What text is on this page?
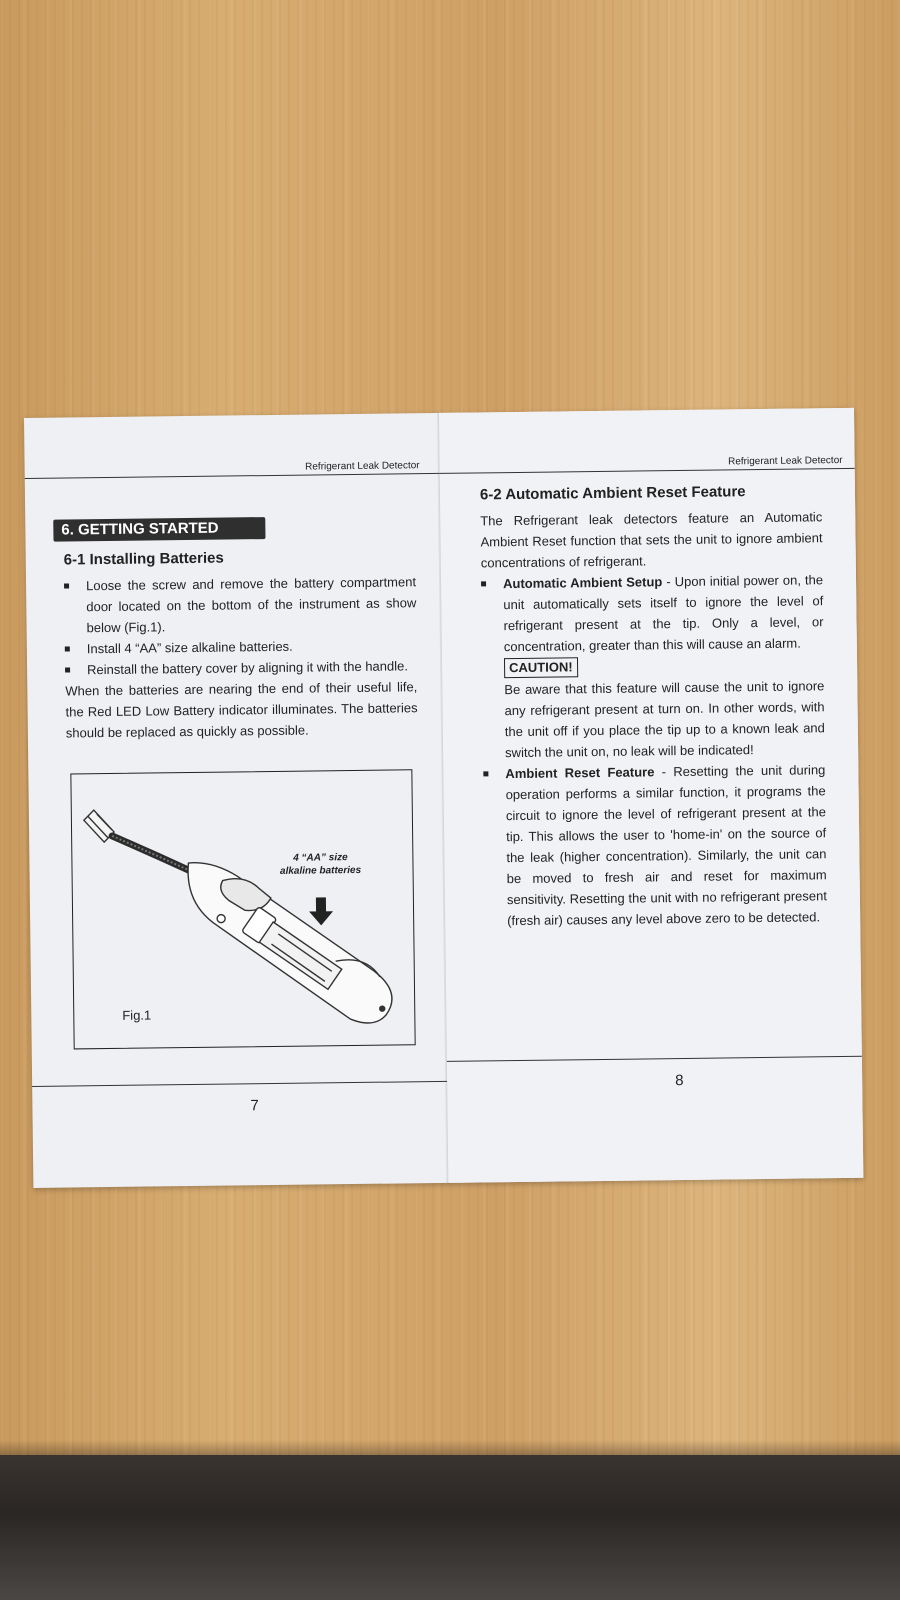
Refrigerant Leak Detector
6. GETTING STARTED
6-1 Installing Batteries
Loose the screw and remove the battery compartment door located on the bottom of the instrument as show below (Fig.1).
Install 4 “AA” size alkaline batteries.
Reinstall the battery cover by aligning it with the handle.

When the batteries are nearing the end of their useful life, the Red LED Low Battery indicator illuminates. The batteries should be replaced as quickly as possible.

4 “AA” size
alkaline batteries
Fig.1
7
Refrigerant Leak Detector
6-2 Automatic Ambient Reset Feature

The Refrigerant leak detectors feature an Automatic Ambient Reset function that sets the unit to ignore ambient concentrations of refrigerant.

Automatic Ambient Setup - Upon initial power on, the unit automatically sets itself to ignore the level of refrigerant present at the tip. Only a level, or concentration, greater than this will cause an alarm.
CAUTION!
Be aware that this feature will cause the unit to ignore any refrigerant present at turn on. In other words, with the unit off if you place the tip up to a known leak and switch the unit on, no leak will be indicated!
Ambient Reset Feature - Resetting the unit during operation performs a similar function, it programs the circuit to ignore the level of refrigerant present at the tip. This allows the user to 'home-in' on the source of the leak (higher concentration). Similarly, the unit can be moved to fresh air and reset for maximum sensitivity. Resetting the unit with no refrigerant present (fresh air) causes any level above zero to be detected.
8
